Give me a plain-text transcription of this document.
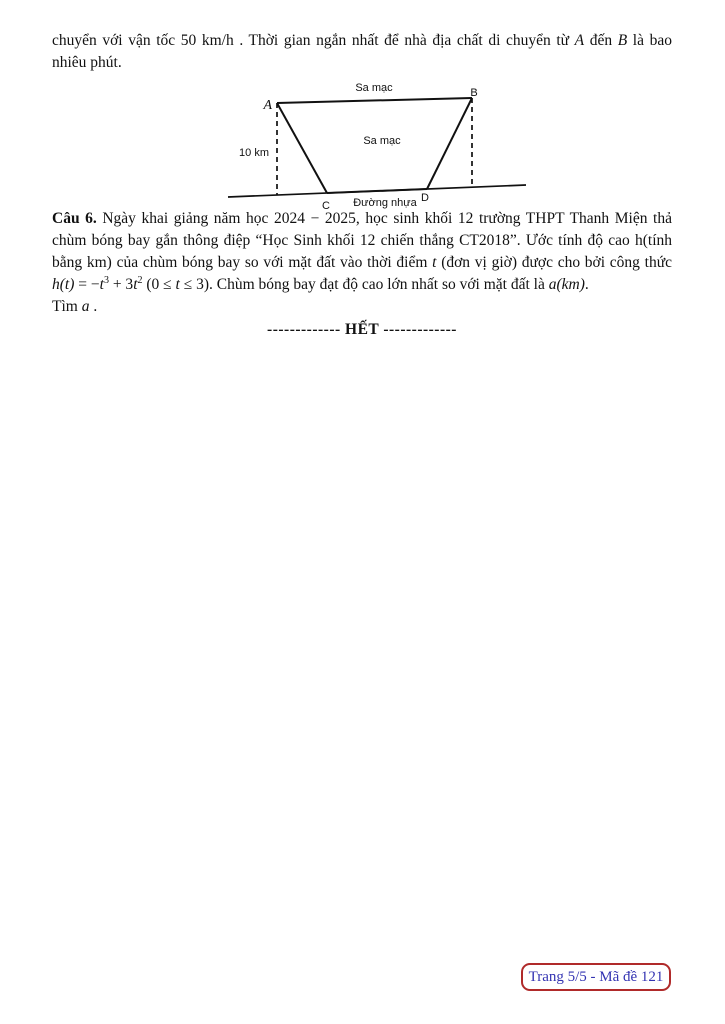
chuyển với vận tốc 50 km/h . Thời gian ngắn nhất để nhà địa chất di chuyển từ A đến B là bao nhiêu phút.

Sa mạc
Sa mạc
A
B
10 km
C
D
Đường nhựa

Câu 6. Ngày khai giảng năm học 2024 − 2025, học sinh khối 12 trường THPT Thanh Miện thả chùm bóng bay gắn thông điệp “Học Sinh khối 12 chiến thắng CT2018”. Ước tính độ cao h(tính bằng km) của chùm bóng bay so với mặt đất vào thời điểm t (đơn vị giờ) được cho bởi công thức $h(t) = -t^3 + 3t^2$ (0 ≤ t ≤ 3). Chùm bóng bay đạt độ cao lớn nhất so với mặt đất là a(km).

Tìm a .

------------- HẾT -------------

Trang 5/5 - Mã đề 121
